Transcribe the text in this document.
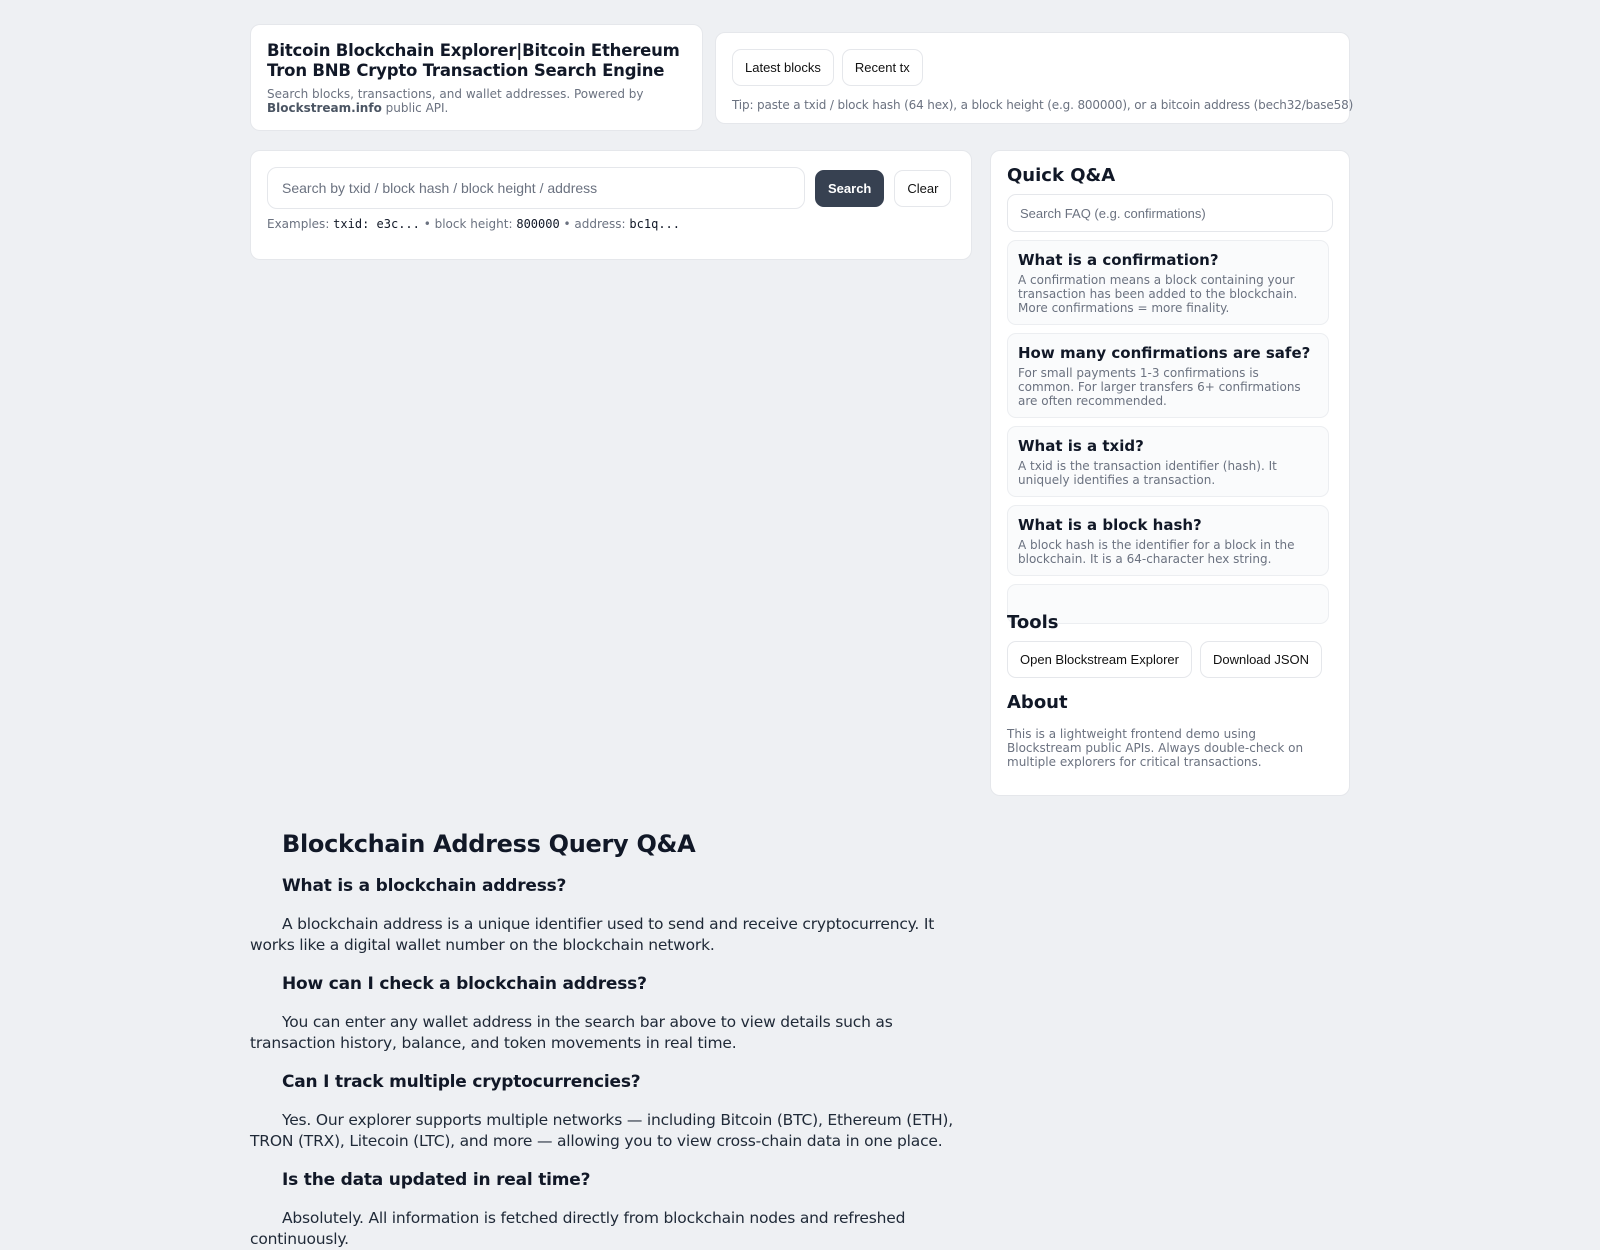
Bitcoin Blockchain Explorer|Bitcoin Ethereum Tron BNB Crypto Transaction Search Engine
Search blocks, transactions, and wallet addresses. Powered by Blockstream.info public API.
Latest blocks	Recent tx
Tip: paste a txid / block hash (64 hex), a block height (e.g. 800000), or a bitcoin address (bech32/base58)
Search by txid / block hash / block height / address
Search	Clear
Examples: txid: e3c... • block height: 800000 • address: bc1q...
Quick Q&A
Search FAQ (e.g. confirmations)
What is a confirmation?
A confirmation means a block containing your transaction has been added to the blockchain. More confirmations = more finality.
How many confirmations are safe?
For small payments 1-3 confirmations is common. For larger transfers 6+ confirmations are often recommended.
What is a txid?
A txid is the transaction identifier (hash). It uniquely identifies a transaction.
What is a block hash?
A block hash is the identifier for a block in the blockchain. It is a 64-character hex string.
Tools
Open Blockstream Explorer	Download JSON
About
This is a lightweight frontend demo using Blockstream public APIs. Always double-check on multiple explorers for critical transactions.
Blockchain Address Query Q&A
What is a blockchain address?

A blockchain address is a unique identifier used to send and receive cryptocurrency. It works like a digital wallet number on the blockchain network.

How can I check a blockchain address?

You can enter any wallet address in the search bar above to view details such as transaction history, balance, and token movements in real time.

Can I track multiple cryptocurrencies?

Yes. Our explorer supports multiple networks — including Bitcoin (BTC), Ethereum (ETH), TRON (TRX), Litecoin (LTC), and more — allowing you to view cross-chain data in one place.

Is the data updated in real time?

Absolutely. All information is fetched directly from blockchain nodes and refreshed continuously.
